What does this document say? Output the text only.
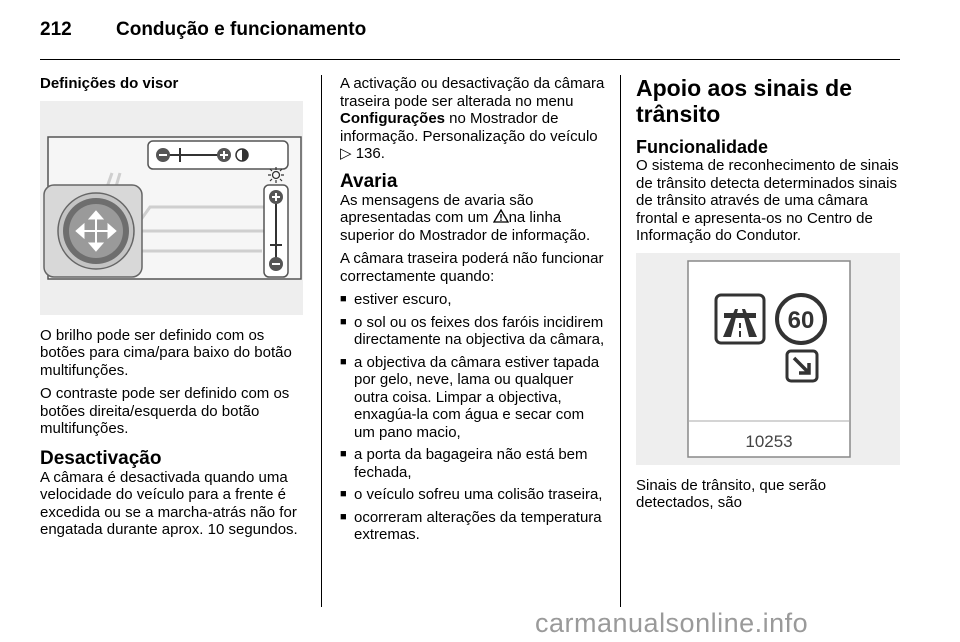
212 Condução e funcionamento
Definições do visor

O brilho pode ser definido com os botões para cima/para baixo do botão multifunções.

O contraste pode ser definido com os botões direita/esquerda do botão multifunções.

Desactivação

A câmara é desactivada quando uma velocidade do veículo para a frente é excedida ou se a marcha-atrás não for engatada durante aprox. 10 segundos.

A activação ou desactivação da câmara traseira pode ser alterada no menu Configurações no Mostrador de informação. Personalização do veículo ▷ 136.

Avaria

As mensagens de avaria são apresentadas com um na linha superior do Mostrador de informação.

A câmara traseira poderá não funcionar correctamente quando:

■ estiver escuro,
■ o sol ou os feixes dos faróis incidirem directamente na objectiva da câmara,
■ a objectiva da câmara estiver tapada por gelo, neve, lama ou qualquer outra coisa. Limpar a objectiva, enxagúa-la com água e secar com um pano macio,
■ a porta da bagageira não está bem fechada,
■ o veículo sofreu uma colisão traseira,
■ ocorreram alterações da temperatura extremas.
Apoio aos sinais de trânsito
Funcionalidade

O sistema de reconhecimento de sinais de trânsito detecta determinados sinais de trânsito através de uma câmara frontal e apresenta-os no Centro de Informação do Condutor.

60
10253

Sinais de trânsito, que serão detectados, são

carmanualsonline.info
